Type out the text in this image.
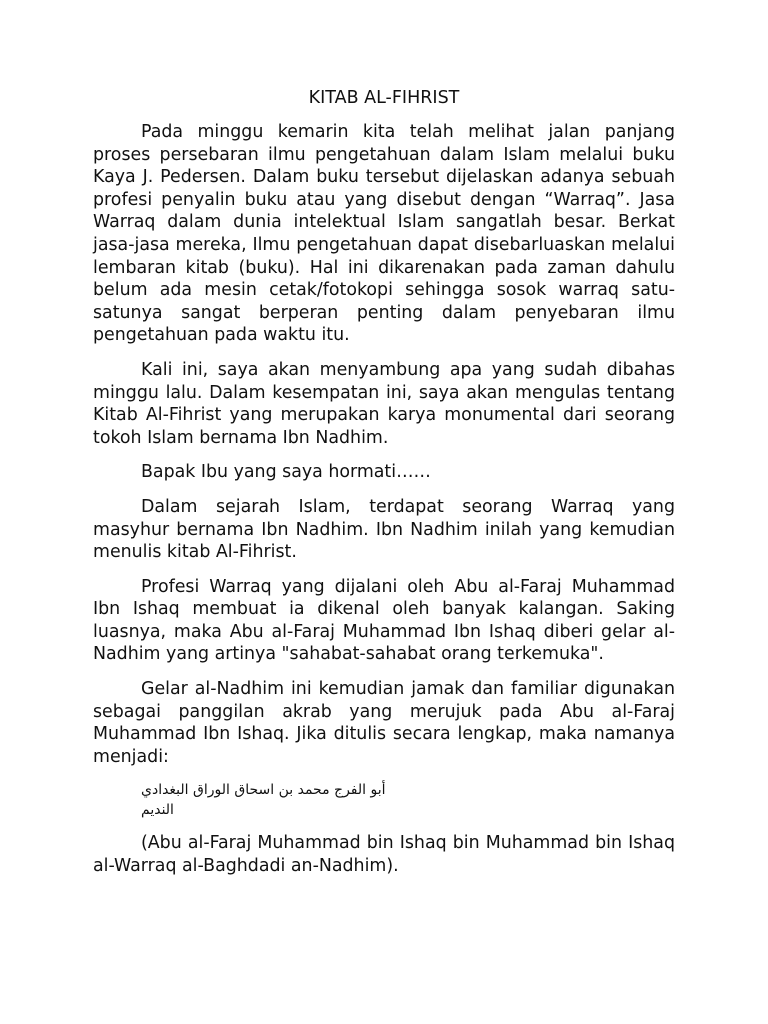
KITAB AL-FIHRIST

Pada minggu kemarin kita telah melihat jalan panjang proses persebaran ilmu pengetahuan dalam Islam melalui buku Kaya J. Pedersen. Dalam buku tersebut dijelaskan adanya sebuah profesi penyalin buku atau yang disebut dengan “Warraq”. Jasa Warraq dalam dunia intelektual Islam sangatlah besar. Berkat jasa-jasa mereka, Ilmu pengetahuan dapat disebarluaskan melalui lembaran kitab (buku). Hal ini dikarenakan pada zaman dahulu belum ada mesin cetak/fotokopi sehingga sosok warraq satu-satunya sangat berperan penting dalam penyebaran ilmu pengetahuan pada waktu itu.

Kali ini, saya akan menyambung apa yang sudah dibahas minggu lalu. Dalam kesempatan ini, saya akan mengulas tentang Kitab Al-Fihrist yang merupakan karya monumental dari seorang tokoh Islam bernama Ibn Nadhim.

Bapak Ibu yang saya hormati……

Dalam sejarah Islam, terdapat seorang Warraq yang masyhur bernama Ibn Nadhim. Ibn Nadhim inilah yang kemudian menulis kitab Al-Fihrist.

Profesi Warraq yang dijalani oleh Abu al-Faraj Muhammad Ibn Ishaq membuat ia dikenal oleh banyak kalangan. Saking luasnya, maka Abu al-Faraj Muhammad Ibn Ishaq diberi gelar al-Nadhim yang artinya "sahabat-sahabat orang terkemuka".

Gelar al-Nadhim ini kemudian jamak dan familiar digunakan sebagai panggilan akrab yang merujuk pada Abu al-Faraj Muhammad Ibn Ishaq. Jika ditulis secara lengkap, maka namanya menjadi:

أبو الفرج محمد بن اسحاق الوراق البغدادي النديم

(Abu al-Faraj Muhammad bin Ishaq bin Muhammad bin Ishaq al-Warraq al-Baghdadi an-Nadhim).
